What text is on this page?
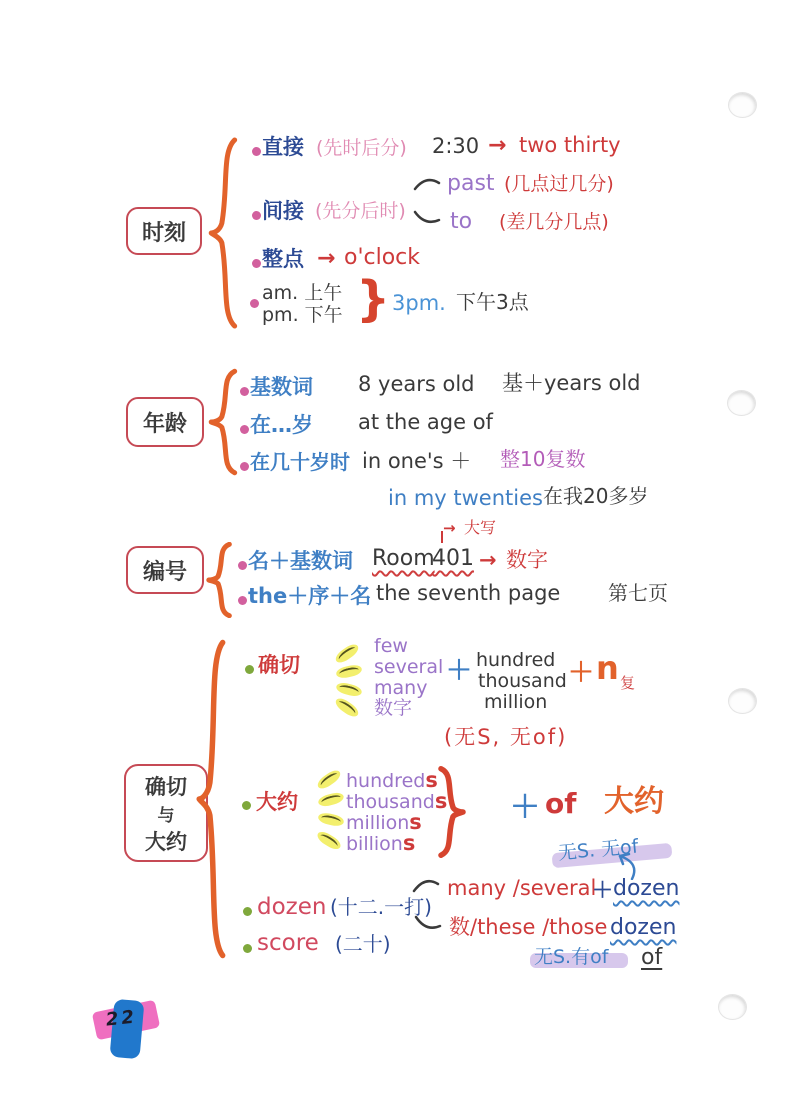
时刻
直接 (先时后分) 2:30 → two thirty
间接 (先分后时)
past (几点过几分)
to (差几分几点)
整点 → o'clock
am. 上午
pm. 下午 } 3pm. 下午3点
年龄
基数词 8 years old 基＋years old
在…岁 at the age of
在几十岁时 in one's ＋ 整10复数
in my twenties 在我20多岁
编号	名＋基数词 Room
401
→ 大写
→ 数字
the＋序＋名 the seventh page 第七页
确切
与
大约
确切
few
several
many
数字
＋ hundred
thousand
million
＋ n 复
(无S, 无of)
大约
hundreds
thousands
millions
billions
＋ of 大约
无S. 无of
dozen (十二.一打)
many /several
＋ dozen
数/these /those dozen
of
无S.有of
score (二十)
22
